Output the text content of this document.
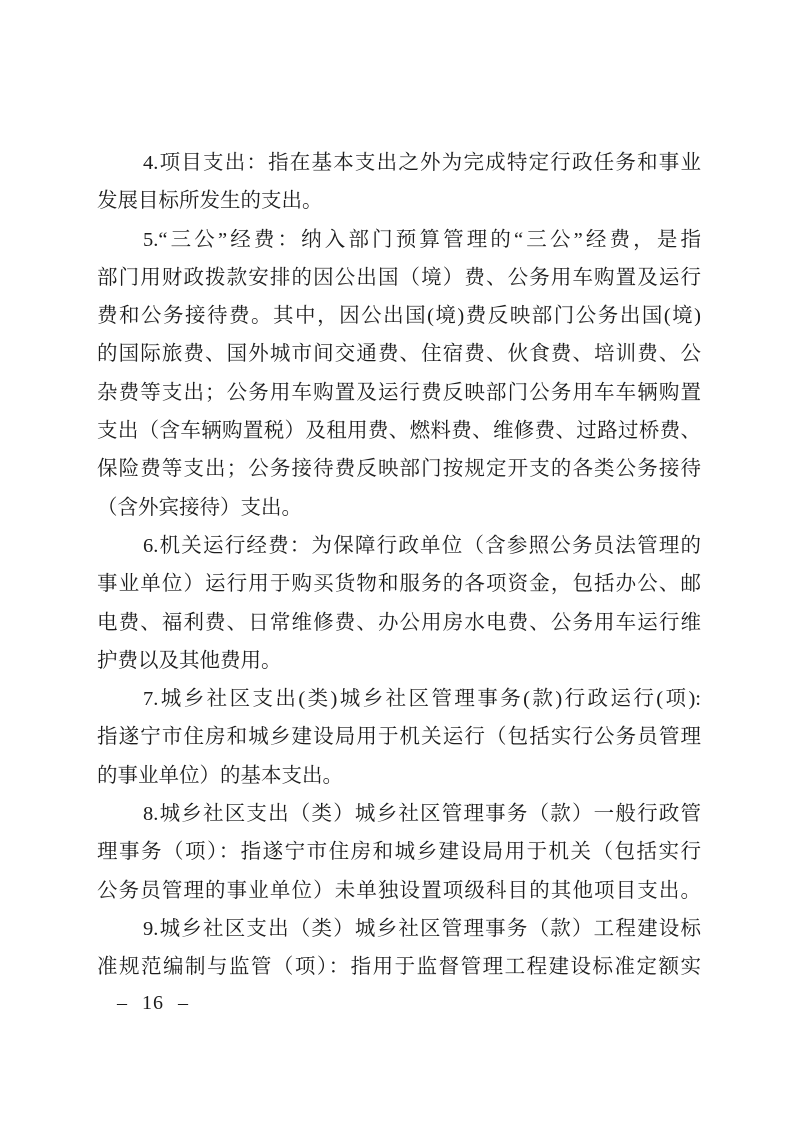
4.项目支出：指在基本支出之外为完成特定行政任务和事业
发展目标所发生的支出。

5.“三公”经费：纳入部门预算管理的“三公”经费，是指
部门用财政拨款安排的因公出国（境）费、公务用车购置及运行
费和公务接待费。其中，因公出国(境)费反映部门公务出国(境)
的国际旅费、国外城市间交通费、住宿费、伙食费、培训费、公
杂费等支出；公务用车购置及运行费反映部门公务用车车辆购置
支出（含车辆购置税）及租用费、燃料费、维修费、过路过桥费、
保险费等支出；公务接待费反映部门按规定开支的各类公务接待
（含外宾接待）支出。

6.机关运行经费：为保障行政单位（含参照公务员法管理的
事业单位）运行用于购买货物和服务的各项资金，包括办公、邮
电费、福利费、日常维修费、办公用房水电费、公务用车运行维
护费以及其他费用。

7.城乡社区支出(类)城乡社区管理事务(款)行政运行(项):
指遂宁市住房和城乡建设局用于机关运行（包括实行公务员管理
的事业单位）的基本支出。

8.城乡社区支出（类）城乡社区管理事务（款）一般行政管
理事务（项）：指遂宁市住房和城乡建设局用于机关（包括实行
公务员管理的事业单位）未单独设置项级科目的其他项目支出。

9.城乡社区支出（类）城乡社区管理事务（款）工程建设标
准规范编制与监管（项）：指用于监督管理工程建设标准定额实

– 16 –
